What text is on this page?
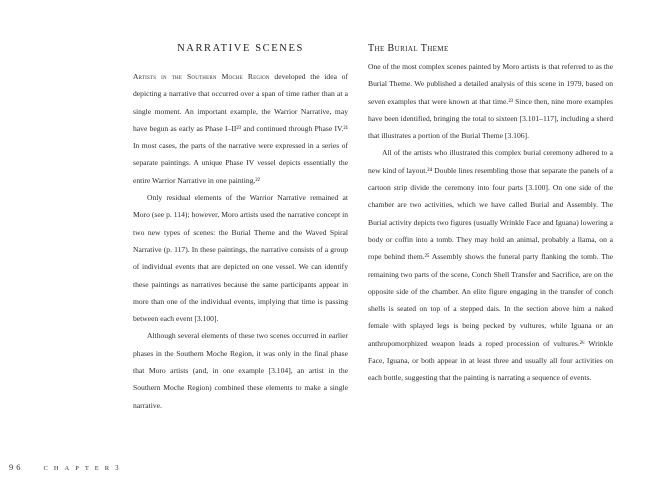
NARRATIVE SCENES

Artists in the Southern Moche Region developed the idea of depicting a narrative that occurred over a span of time rather than at a single moment. An important example, the Warrior Narrative, may have begun as early as Phase I–II²³ and continued through Phase IV.²¹ In most cases, the parts of the narrative were expressed in a series of separate paintings. A unique Phase IV vessel depicts essentially the entire Warrior Narrative in one painting.²²

Only residual elements of the Warrior Narrative remained at Moro (see p. 114); however, Moro artists used the narrative concept in two new types of scenes: the Burial Theme and the Waved Spiral Narrative (p. 117). In these paintings, the narrative consists of a group of individual events that are depicted on one vessel. We can identify these paintings as narratives because the same participants appear in more than one of the individual events, implying that time is passing between each event [3.100].

Although several elements of these two scenes occurred in earlier phases in the Southern Moche Region, it was only in the final phase that Moro artists (and, in one example [3.104], an artist in the Southern Moche Region) combined these elements to make a single narrative.

The Burial Theme

One of the most complex scenes painted by Moro artists is that referred to as the Burial Theme. We published a detailed analysis of this scene in 1979, based on seven examples that were known at that time.²³ Since then, nine more examples have been identified, bringing the total to sixteen [3.101–117], including a sherd that illustrates a portion of the Burial Theme [3.106].

All of the artists who illustrated this complex burial ceremony adhered to a new kind of layout.²⁴ Double lines resembling those that separate the panels of a cartoon strip divide the ceremony into four parts [3.100]. On one side of the chamber are two activities, which we have called Burial and Assembly. The Burial activity depicts two figures (usually Wrinkle Face and Iguana) lowering a body or coffin into a tomb. They may hold an animal, probably a llama, on a rope behind them.²⁵ Assembly shows the funeral party flanking the tomb. The remaining two parts of the scene, Conch Shell Transfer and Sacrifice, are on the opposite side of the chamber. An elite figure engaging in the transfer of conch shells is seated on top of a stepped dais. In the section above him a naked female with splayed legs is being pecked by vultures, while Iguana or an anthropomorphized weapon leads a roped procession of vultures.²⁶ Wrinkle Face, Iguana, or both appear in at least three and usually all four activities on each bottle, suggesting that the painting is narrating a sequence of events.

96	CHAPTER3
